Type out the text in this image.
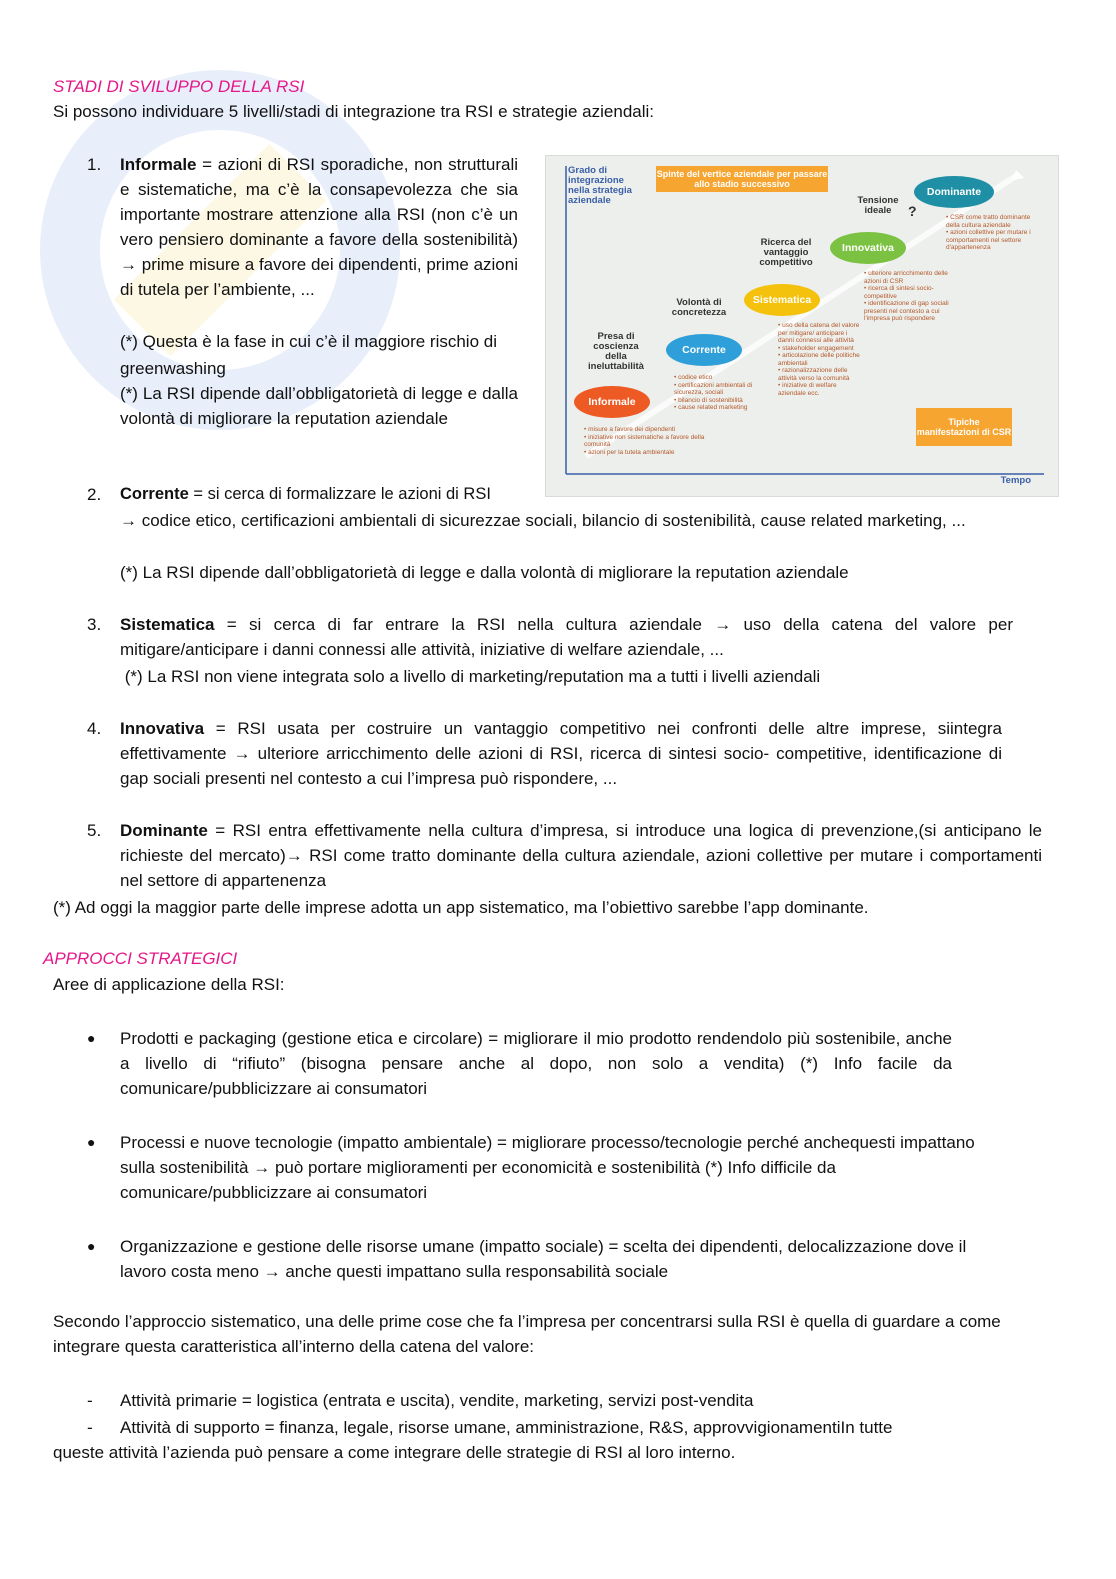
STADI DI SVILUPPO DELLA RSI
Si possono individuare 5 livelli/stadi di integrazione tra RSI e strategie aziendali:
1.	Informale = azioni di RSI sporadiche, non strutturali e sistematiche, ma c’è la consapevolezza che sia importante mostrare attenzione alla RSI (non c’è un vero pensiero dominante a favore della sostenibilità) → prime misure a favore dei dipendenti, prime azioni di tutela per l’ambiente, ...
(*) Questa è la fase in cui c’è il maggiore rischio di greenwashing
(*) La RSI dipende dall’obbligatorietà di legge e dalla volontà di migliorare la reputation aziendale
2.	Corrente = si cerca di formalizzare le azioni di RSI
→ codice etico, certificazioni ambientali di sicurezzae sociali, bilancio di sostenibilità, cause related marketing, ...
(*) La RSI dipende dall’obbligatorietà di legge e dalla volontà di migliorare la reputation aziendale
3.	Sistematica = si cerca di far entrare la RSI nella cultura aziendale → uso della catena del valore per mitigare/anticipare i danni connessi alle attività, iniziative di welfare aziendale, ...
(*) La RSI non viene integrata solo a livello di marketing/reputation ma a tutti i livelli aziendali
4.	Innovativa = RSI usata per costruire un vantaggio competitivo nei confronti delle altre imprese, siintegra effettivamente → ulteriore arricchimento delle azioni di RSI, ricerca di sintesi socio- competitive, identificazione di gap sociali presenti nel contesto a cui l’impresa può rispondere, ...
5.	Dominante = RSI entra effettivamente nella cultura d’impresa, si introduce una logica di prevenzione,(si anticipano le richieste del mercato)→ RSI come tratto dominante della cultura aziendale, azioni collettive per mutare i comportamenti nel settore di appartenenza
(*) Ad oggi la maggior parte delle imprese adotta un app sistematico, ma l’obiettivo sarebbe l’app dominante.
APPROCCI STRATEGICI
Aree di applicazione della RSI:
● Prodotti e packaging (gestione etica e circolare) = migliorare il mio prodotto rendendolo più sostenibile, anche a livello di “rifiuto” (bisogna pensare anche al dopo, non solo a vendita) (*) Info facile da comunicare/pubblicizzare ai consumatori
● Processi e nuove tecnologie (impatto ambientale) = migliorare processo/tecnologie perché anchequesti impattano sulla sostenibilità → può portare miglioramenti per economicità e sostenibilità (*) Info difficile da comunicare/pubblicizzare ai consumatori
● Organizzazione e gestione delle risorse umane (impatto sociale) = scelta dei dipendenti, delocalizzazione dove il lavoro costa meno → anche questi impattano sulla responsabilità sociale
Secondo l’approccio sistematico, una delle prime cose che fa l’impresa per concentrarsi sulla RSI è quella di guardare a come integrare questa caratteristica all’interno della catena del valore:
- Attività primarie = logistica (entrata e uscita), vendite, marketing, servizi post-vendita
- Attività di supporto = finanza, legale, risorse umane, amministrazione, R&S, approvvigionamentiIn tutte
queste attività l’azienda può pensare a come integrare delle strategie di RSI al loro interno.
Grado di integrazione nella strategia aziendale
Tempo
Spinte del vertice aziendale per passare allo stadio successivo
Tipiche manifestazioni di CSR
?
Informale
• misure a favore dei dipendenti
• iniziative non sistematiche a favore della comunità
• azioni per la tutela ambientale
Presa di coscienza della ineluttabilità
Corrente
• codice etico
• certificazioni ambientali di sicurezza, sociali
• bilancio di sostenibilità
• cause related marketing
Volontà di concretezza
Sistematica
• uso della catena del valore per mitigare/ anticipare i danni connessi alle attività
• stakeholder engagement
• articolazione delle politiche ambientali
• razionalizzazione delle attività verso la comunità
• iniziative di welfare aziendale ecc.
Ricerca del vantaggio competitivo
Innovativa
• ulteriore arricchimento delle azioni di CSR
• ricerca di sintesi socio-competitive
• identificazione di gap sociali presenti nel contesto a cui l'impresa può rispondere
Tensione ideale
Dominante
• CSR come tratto dominante della cultura aziendale
• azioni collettive per mutare i comportamenti nel settore d'appartenenza
